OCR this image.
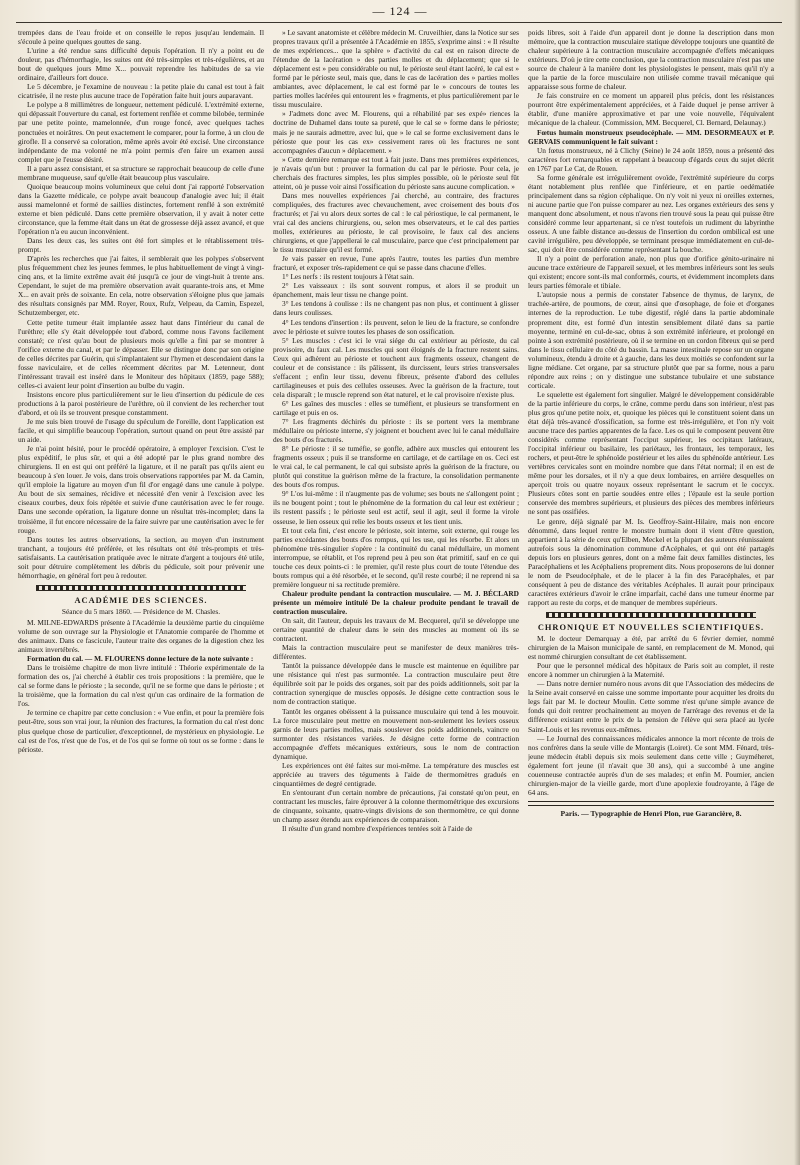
— 124 —

trempées dans de l'eau froide et on conseille le repos jusqu'au lendemain. Il s'écoule à peine quelques gouttes de sang.

L'urine a été rendue sans difficulté depuis l'opération. Il n'y a point eu de douleur, pas d'hémorrhagie, les suites ont été très-simples et très-régulières, et au bout de quelques jours Mme X... pouvait reprendre les habitudes de sa vie ordinaire, d'ailleurs fort douce.

Le 5 décembre, je l'examine de nouveau : la petite plaie du canal est tout à fait cicatrisée, il ne reste plus aucune trace de l'opération faite huit jours auparavant.

Le polype a 8 millimètres de longueur, nettement pédiculé. L'extrémité externe, qui dépassait l'ouverture du canal, est fortement renflée et comme bilobée, terminée par une petite pointe, mamelonnée, d'un rouge foncé, avec quelques taches ponctuées et noirâtres. On peut exactement le comparer, pour la forme, à un clou de girofle. Il a conservé sa coloration, même après avoir été excisé. Une circonstance indépendante de ma volonté ne m'a point permis d'en faire un examen aussi complet que je l'eusse désiré.

Il a paru assez consistant, et sa structure se rapprochait beaucoup de celle d'une membrane muqueuse, sauf qu'elle était beaucoup plus vasculaire.

Quoique beaucoup moins volumineux que celui dont j'ai rapporté l'observation dans la Gazette médicale, ce polype avait beaucoup d'analogie avec lui; il était aussi mamelonné et formé de saillies distinctes, fortement renflé à son extrémité externe et bien pédiculé. Dans cette première observation, il y avait à noter cette circonstance, que la femme était dans un état de grossesse déjà assez avancé, et que l'opération n'a eu aucun inconvénient.

Dans les deux cas, les suites ont été fort simples et le rétablissement très-prompt.

D'après les recherches que j'ai faites, il semblerait que les polypes s'observent plus fréquemment chez les jeunes femmes, le plus habituellement de vingt à vingt-cinq ans, et la limite extrême avait été jusqu'à ce jour de vingt-huit à trente ans. Cependant, le sujet de ma première observation avait quarante-trois ans, et Mme X... en avait près de soixante. En cela, notre observation s'éloigne plus que jamais des résultats consignés par MM. Royer, Roux, Rufz, Velpeau, da Camin, Espezel, Schutzemberger, etc.

Cette petite tumeur était implantée assez haut dans l'intérieur du canal de l'urèthre; elle s'y était développée tout d'abord, comme nous l'avons facilement constaté; ce n'est qu'au bout de plusieurs mois qu'elle a fini par se montrer à l'orifice externe du canal, et par le dépasser. Elle se distingue donc par son origine de celles décrites par Guérin, qui s'implantaient sur l'hymen et descendaient dans la fosse naviculaire, et de celles récemment décrites par M. Letenneur, dont l'intéressant travail est inséré dans le Moniteur des hôpitaux (1859, page 588); celles-ci avaient leur point d'insertion au bulbe du vagin.

Insistons encore plus particulièrement sur le lieu d'insertion du pédicule de ces productions à la paroi postérieure de l'urèthre, où il convient de les rechercher tout d'abord, et où ils se trouvent presque constamment.

Je me suis bien trouvé de l'usage du spéculum de l'oreille, dont l'application est facile, et qui simplifie beaucoup l'opération, surtout quand on peut être assisté par un aide.

Je n'ai point hésité, pour le procédé opératoire, à employer l'excision. C'est le plus expéditif, le plus sûr, et qui a été adopté par le plus grand nombre des chirurgiens. Il en est qui ont préféré la ligature, et il ne paraît pas qu'ils aient eu beaucoup à s'en louer. Je vois, dans trois observations rapportées par M. da Camin, qu'il emploie la ligature au moyen d'un fil d'or engagé dans une canule à polype. Au bout de six semaines, récidive et nécessité d'en venir à l'excision avec les ciseaux courbes, deux fois répétée et suivie d'une cautérisation avec le fer rouge. Dans une seconde opération, la ligature donne un résultat très-incomplet; dans la troisième, il fut encore nécessaire de la faire suivre par une cautérisation avec le fer rouge.

Dans toutes les autres observations, la section, au moyen d'un instrument tranchant, a toujours été préférée, et les résultats ont été très-prompts et très-satisfaisants. La cautérisation pratiquée avec le nitrate d'argent a toujours été utile, soit pour détruire complètement les débris du pédicule, soit pour prévenir une hémorrhagie, en général fort peu à redouter.

ACADÉMIE DES SCIENCES.
Séance du 5 mars 1860. — Présidence de M. Chasles.

M. MILNE-EDWARDS présente à l'Académie la deuxième partie du cinquième volume de son ouvrage sur la Physiologie et l'Anatomie comparée de l'homme et des animaux. Dans ce fascicule, l'auteur traite des organes de la digestion chez les animaux invertébrés.

Formation du cal. — M. FLOURENS donne lecture de la note suivante :

Dans le troisième chapitre de mon livre intitulé : Théorie expérimentale de la formation des os, j'ai cherché à établir ces trois propositions : la première, que le cal se forme dans le périoste ; la seconde, qu'il ne se forme que dans le périoste ; et la troisième, que la formation du cal n'est qu'un cas ordinaire de la formation de l'os.

Je termine ce chapitre par cette conclusion : « Vue enfin, et pour la première fois peut-être, sous son vrai jour, la réunion des fractures, la formation du cal n'est donc plus quelque chose de particulier, d'exceptionnel, de mystérieux en physiologie. Le cal est de l'os, n'est que de l'os, et de l'os qui se forme où tout os se forme : dans le périoste.

» Le savant anatomiste et célèbre médecin M. Cruveilhier, dans la Notice sur ses propres travaux qu'il a présentée à l'Académie en 1855, s'exprime ainsi : « Il résulte de mes expériences... que la sphère » d'activité du cal est en raison directe de l'étendue de la lacération » des parties molles et du déplacement; que si le déplacement est » peu considérable ou nul, le périoste seul étant lacéré, le cal est » formé par le périoste seul, mais que, dans le cas de lacération des » parties molles ambiantes, avec déplacement, le cal est formé par le » concours de toutes les parties molles lacérées qui entourent les » fragments, et plus particulièrement par le tissu musculaire.

» J'admets donc avec M. Flourens, qui a réhabilité par ses expé» riences la doctrine de Duhamel dans toute sa pureté, que le cal se » forme dans le périoste; mais je ne saurais admettre, avec lui, que » le cal se forme exclusivement dans le périoste que pour les cas ex» cessivement rares où les fractures ne sont accompagnées d'aucun » déplacement. »

» Cette dernière remarque est tout à fait juste. Dans mes premières expériences, je n'avais qu'un but : prouver la formation du cal par le périoste. Pour cela, je cherchais des fractures simples, les plus simples possible, où le périoste seul fût atteint, où je pusse voir ainsi l'ossification du périoste sans aucune complication. »

Dans mes nouvelles expériences j'ai cherché, au contraire, des fractures compliquées, des fractures avec chevauchement, avec croisement des bouts d'os fracturés; et j'ai vu alors deux sortes de cal : le cal périostique, le cal permanent, le vrai cal des anciens chirurgiens, ou, selon mes observateurs, et le cal des parties molles, extérieures au périoste, le cal provisoire, le faux cal des anciens chirurgiens, et que j'appellerai le cal musculaire, parce que c'est principalement par le tissu musculaire qu'il est formé.

Je vais passer en revue, l'une après l'autre, toutes les parties d'un membre fracturé, et exposer très-rapidement ce qui se passe dans chacune d'elles.

1° Les nerfs : ils restent toujours à l'état sain.

2° Les vaisseaux : ils sont souvent rompus, et alors il se produit un épanchement, mais leur tissu ne change point.

3° Les tendons à coulisse : ils ne changent pas non plus, et continuent à glisser dans leurs coulisses.

4° Les tendons d'insertion : ils peuvent, selon le lieu de la fracture, se confondre avec le périoste et suivre toutes les phases de son ossification.

5° Les muscles : c'est ici le vrai siége du cal extérieur au périoste, du cal provisoire, du faux cal. Les muscles qui sont éloignés de la fracture restent sains. Ceux qui adhèrent au périoste et touchent aux fragments osseux, changent de couleur et de consistance : ils pâlissent, ils durcissent, leurs stries transversales s'effacent ; enfin leur tissu, devenu fibreux, présente d'abord des cellules cartilagineuses et puis des cellules osseuses. Avec la guérison de la fracture, tout cela disparaît ; le muscle reprend son état naturel, et le cal provisoire n'existe plus.

6° Les gaînes des muscles : elles se tuméfient, et plusieurs se transforment en cartilage et puis en os.

7° Les fragments déchirés du périoste : ils se portent vers la membrane médullaire ou périoste interne, s'y joignent et bouchent avec lui le canal médullaire des bouts d'os fracturés.

8° Le périoste : il se tuméfie, se gonfle, adhère aux muscles qui entourent les fragments osseux ; puis il se transforme en cartilage, et de cartilage en os. Ceci est le vrai cal, le cal permanent, le cal qui subsiste après la guérison de la fracture, ou plutôt qui constitue la guérison même de la fracture, la consolidation permanente des bouts d'os rompus.

9° L'os lui-même : il n'augmente pas de volume; ses bouts ne s'allongent point ; ils ne bougent point ; tout le phénomène de la formation du cal leur est extérieur ; ils restent passifs ; le périoste seul est actif, seul il agit, seul il forme la virole osseuse, le lien osseux qui relie les bouts osseux et les tient unis.

Et tout cela fini, c'est encore le périoste, soit interne, soit externe, qui rouge les parties excédantes des bouts d'os rompus, qui les use, qui les résorbe. Et alors un phénomène très-singulier s'opère : la continuité du canal médullaire, un moment interrompue, se rétablit, et l'os reprend peu à peu son état primitif, sauf en ce qui touche ces deux points-ci : le premier, qu'il reste plus court de toute l'étendue des bouts rompus qui a été résorbée, et le second, qu'il reste courbé; il ne reprend ni sa première longueur ni sa rectitude première.

Chaleur produite pendant la contraction musculaire. — M. J. BÉCLARD présente un mémoire intitulé De la chaleur produite pendant le travail de contraction musculaire.

On sait, dit l'auteur, depuis les travaux de M. Becquerel, qu'il se développe une certaine quantité de chaleur dans le sein des muscles au moment où ils se contractent.

Mais la contraction musculaire peut se manifester de deux manières très-différentes.

Tantôt la puissance développée dans le muscle est maintenue en équilibre par une résistance qui n'est pas surmontée. La contraction musculaire peut être équilibrée soit par le poids des organes, soit par des poids additionnels, soit par la contraction synergique de muscles opposés. Je désigne cette contraction sous le nom de contraction statique.

Tantôt les organes obéissent à la puissance musculaire qui tend à les mouvoir. La force musculaire peut mettre en mouvement non-seulement les leviers osseux garnis de leurs parties molles, mais souslever des poids additionnels, vaincre ou surmonter des résistances variées. Je désigne cette forme de contraction accompagnée d'effets mécaniques extérieurs, sous le nom de contraction dynamique.

Les expériences ont été faites sur moi-même. La température des muscles est appréciée au travers des téguments à l'aide de thermomètres gradués en cinquantièmes de degré centigrade.

En s'entourant d'un certain nombre de précautions, j'ai constaté qu'on peut, en contractant les muscles, faire éprouver à la colonne thermométrique des excursions de cinquante, soixante, quatre-vingts divisions de son thermomètre, ce qui donne un champ assez étendu aux expériences de comparaison.

Il résulte d'un grand nombre d'expériences tentées soit à l'aide de

poids libres, soit à l'aide d'un appareil dont je donne la description dans mon mémoire, que la contraction musculaire statique développe toujours une quantité de chaleur supérieure à la contraction musculaire accompagnée d'effets mécaniques extérieurs. D'où je tire cette conclusion, que la contraction musculaire n'est pas une source de chaleur à la manière dont les physiologistes le pensent, mais qu'il n'y a que la partie de la force musculaire non utilisée comme travail mécanique qui apparaisse sous forme de chaleur.

Je fais construire en ce moment un appareil plus précis, dont les résistances pourront être expérimentalement appréciées, et à l'aide duquel je pense arriver à établir, d'une manière approximative et par une voie nouvelle, l'équivalent mécanique de la chaleur. (Commission, MM. Becquerel, Cl. Bernard, Delaunay.)

Fœtus humain monstrueux pseudocéphale. — MM. DESORMEAUX et P. GERVAIS communiquent le fait suivant :

Un fœtus monstrueux, né à Clichy (Seine) le 24 août 1859, nous a présenté des caractères fort remarquables et rappelant à beaucoup d'égards ceux du sujet décrit en 1767 par Le Cat, de Rouen.

Sa forme générale est irrégulièrement ovoïde, l'extrémité supérieure du corps étant notablement plus renflée que l'inférieure, et en partie oedématiée principalement dans sa région céphalique. On n'y voit ni yeux ni oreilles externes, ni aucune partie que l'on puisse comparer au nez. Les organes extérieurs des sens y manquent donc absolument, et nous n'avons rien trouvé sous la peau qui puisse être considéré comme leur appartenant, si ce n'est toutefois un rudiment du labyrinthe osseux. A une faible distance au-dessus de l'insertion du cordon ombilical est une cavité irrégulière, peu développée, se terminant presque immédiatement en cul-de-sac, qui doit être considérée comme représentant la bouche.

Il n'y a point de perforation anale, non plus que d'orifice génito-urinaire ni aucune trace extérieure de l'appareil sexuel, et les membres inférieurs sont les seuls qui existent; encore sont-ils mal conformés, courts, et évidemment incomplets dans leurs parties fémorale et tibiale.

L'autopsie nous a permis de constater l'absence de thymus, de larynx, de trachée-artère, de poumons, de cœur, ainsi que d'œsophage, de foie et d'organes internes de la reproduction. Le tube digestif, réglé dans la partie abdominale proprement dite, est formé d'un intestin sensiblement dilaté dans sa partie moyenne, terminé en cul-de-sac, obtus à son extrémité inférieure, et prolongé en pointe à son extrémité postérieure, où il se termine en un cordon fibreux qui se perd dans le tissu cellulaire du côté du bassin. La masse intestinale repose sur un organe volumineux, étendu à droite et à gauche, dans les deux moitiés se confondent sur la ligne médiane. Cet organe, par sa structure plutôt que par sa forme, nous a paru répondre aux reins ; on y distingue une substance tubulaire et une substance corticale.

Le squelette est également fort singulier. Malgré le développement considérable de la partie inférieure du corps, le crâne, comme perdu dans son intérieur, n'est pas plus gros qu'une petite noix, et, quoique les pièces qui le constituent soient dans un état déjà très-avancé d'ossification, sa forme est très-irrégulière, et l'on n'y voit aucune trace des parties apparentes de la face. Les os qui le composent peuvent être considérés comme représentant l'occiput supérieur, les occipitaux latéraux, l'occipital inférieur ou basilaire, les pariétaux, les frontaux, les temporaux, les rochers, et peut-être le sphénoïde postérieur et les ailes du sphénoïde antérieur. Les vertèbres cervicales sont en moindre nombre que dans l'état normal; il en est de même pour les dorsales, et il n'y a que deux lombaires, en arrière desquelles on aperçoit trois ou quatre noyaux osseux représentant le sacrum et le coccyx. Plusieurs côtes sont en partie soudées entre elles ; l'épaule est la seule portion conservée des membres supérieurs, et plusieurs des pièces des membres inférieurs ne sont pas ossifiées.

Le genre, déjà signalé par M. Is. Geoffroy-Saint-Hilaire, mais non encore dénommé, dans lequel rentre le monstre humain dont il vient d'être question, appartient à la série de ceux qu'Elben, Meckel et la plupart des auteurs réunissaient autrefois sous la dénomination commune d'Acéphales, et qui ont été partagés depuis lors en plusieurs genres, dont on a même fait deux familles distinctes, les Paracéphaliens et les Acéphaliens proprement dits. Nous proposerons de lui donner le nom de Pseudocéphale, et de le placer à la fin des Paracéphales, et par conséquent à peu de distance des véritables Acéphales. Il aurait pour principaux caractères extérieurs d'avoir le crâne imparfait, caché dans une tumeur énorme par rapport au reste du corps, et de manquer de membres supérieurs.

CHRONIQUE ET NOUVELLES SCIENTIFIQUES.

M. le docteur Demarquay a été, par arrêté du 6 février dernier, nommé chirurgien de la Maison municipale de santé, en remplacement de M. Monod, qui est nommé chirurgien consultant de cet établissement.

Pour que le personnel médical des hôpitaux de Paris soit au complet, il reste encore à nommer un chirurgien à la Maternité.

— Dans notre dernier numéro nous avons dit que l'Association des médecins de la Seine avait conservé en caisse une somme importante pour acquitter les droits du legs fait par M. le docteur Moulin. Cette somme n'est qu'une simple avance de fonds qui doit rentrer prochainement au moyen de l'arrérage des revenus et de la différence existant entre le prix de la pension de l'élève qui sera placé au lycée Saint-Louis et les revenus eux-mêmes.

— Le Journal des connaissances médicales annonce la mort récente de trois de nos confrères dans la seule ville de Montargis (Loiret). Ce sont MM. Fénard, très-jeune médecin établi depuis six mois seulement dans cette ville ; Guyméheret, également fort jeune (il n'avait que 30 ans), qui a succombé à une angine couenneuse contractée auprès d'un de ses malades; et enfin M. Poumier, ancien chirurgien-major de la vieille garde, mort d'une apoplexie foudroyante, à l'âge de 64 ans.

Paris. — Typographie de Henri Plon, rue Garancière, 8.
